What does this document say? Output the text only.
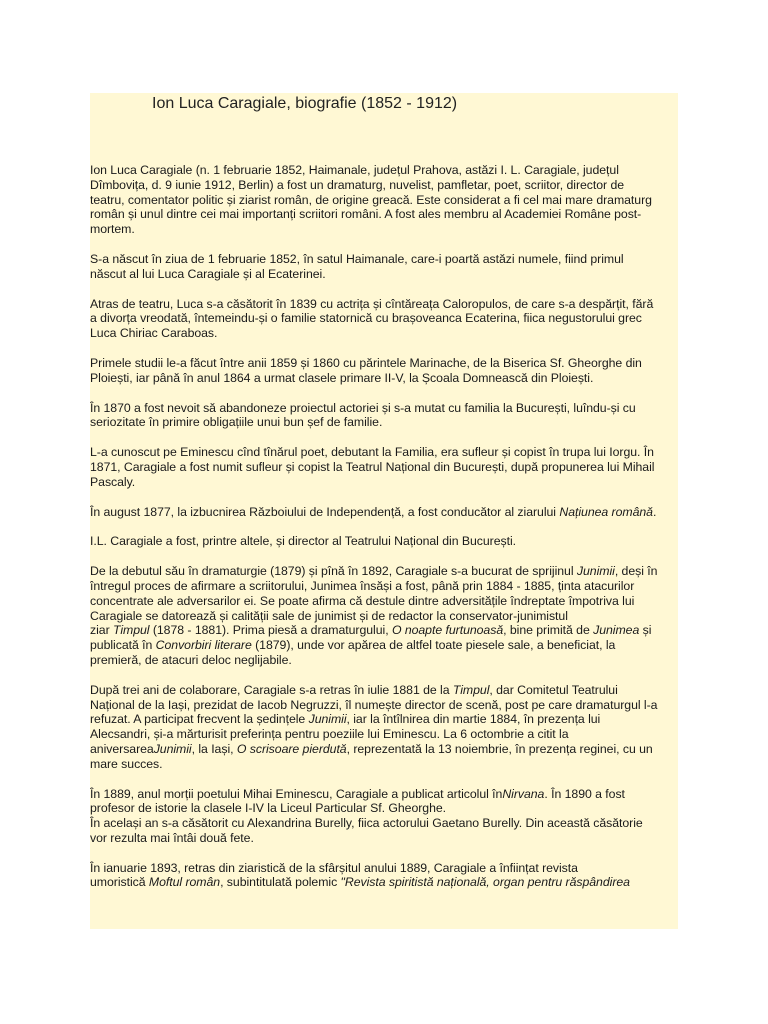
Ion Luca Caragiale, biografie (1852 - 1912)

Ion Luca Caragiale (n. 1 februarie 1852, Haimanale, județul Prahova, astăzi I. L. Caragiale, județul
Dîmbovița, d. 9 iunie 1912, Berlin) a fost un dramaturg, nuvelist, pamfletar, poet, scriitor, director de
teatru, comentator politic și ziarist român, de origine greacă. Este considerat a fi cel mai mare dramaturg
român și unul dintre cei mai importanți scriitori români. A fost ales membru al Academiei Române post-
mortem.

S-a născut în ziua de 1 februarie 1852, în satul Haimanale, care-i poartă astăzi numele, fiind primul
născut al lui Luca Caragiale și al Ecaterinei.

Atras de teatru, Luca s-a căsătorit în 1839 cu actrița și cîntăreața Caloropulos, de care s-a despărțit, fără
a divorța vreodată, întemeindu-și o familie statornică cu brașoveanca Ecaterina, fiica negustorului grec
Luca Chiriac Caraboas.

Primele studii le-a făcut între anii 1859 și 1860 cu părintele Marinache, de la Biserica Sf. Gheorghe din
Ploiești, iar până în anul 1864 a urmat clasele primare II-V, la Școala Domnească din Ploiești.

În 1870 a fost nevoit să abandoneze proiectul actoriei și s-a mutat cu familia la București, luîndu-și cu
seriozitate în primire obligațiile unui bun șef de familie.

L-a cunoscut pe Eminescu cînd tînărul poet, debutant la Familia, era sufleur și copist în trupa lui Iorgu. În
1871, Caragiale a fost numit sufleur și copist la Teatrul Național din București, după propunerea lui Mihail
Pascaly.

În august 1877, la izbucnirea Războiului de Independență, a fost conducător al ziarului Națiunea română.

I.L. Caragiale a fost, printre altele, și director al Teatrului Național din București.

De la debutul său în dramaturgie (1879) și pînă în 1892, Caragiale s-a bucurat de sprijinul Junimii, deși în
întregul proces de afirmare a scriitorului, Junimea însăși a fost, până prin 1884 - 1885, ținta atacurilor
concentrate ale adversarilor ei. Se poate afirma că destule dintre adversitățile îndreptate împotriva lui
Caragiale se datorează și calității sale de junimist și de redactor la conservator-junimistul
ziar Timpul (1878 - 1881). Prima piesă a dramaturgului, O noapte furtunoasă, bine primită de Junimea și
publicată în Convorbiri literare (1879), unde vor apărea de altfel toate piesele sale, a beneficiat, la
premieră, de atacuri deloc neglijabile.

După trei ani de colaborare, Caragiale s-a retras în iulie 1881 de la Timpul, dar Comitetul Teatrului
Național de la Iași, prezidat de Iacob Negruzzi, îl numește director de scenă, post pe care dramaturgul l-a
refuzat. A participat frecvent la ședințele Junimii, iar la întîlnirea din martie 1884, în prezența lui
Alecsandri, și-a mărturisit preferința pentru poeziile lui Eminescu. La 6 octombrie a citit la
aniversareaJunimii, la Iași, O scrisoare pierdută, reprezentată la 13 noiembrie, în prezența reginei, cu un
mare succes.

În 1889, anul morții poetului Mihai Eminescu, Caragiale a publicat articolul înNirvana. În 1890 a fost
profesor de istorie la clasele I-IV la Liceul Particular Sf. Gheorghe.
În același an s-a căsătorit cu Alexandrina Burelly, fiica actorului Gaetano Burelly. Din această căsătorie
vor rezulta mai întâi două fete.

În ianuarie 1893, retras din ziaristică de la sfârșitul anului 1889, Caragiale a înființat revista
umoristică Moftul român, subintitulată polemic "Revista spiritistă națională, organ pentru răspândirea
